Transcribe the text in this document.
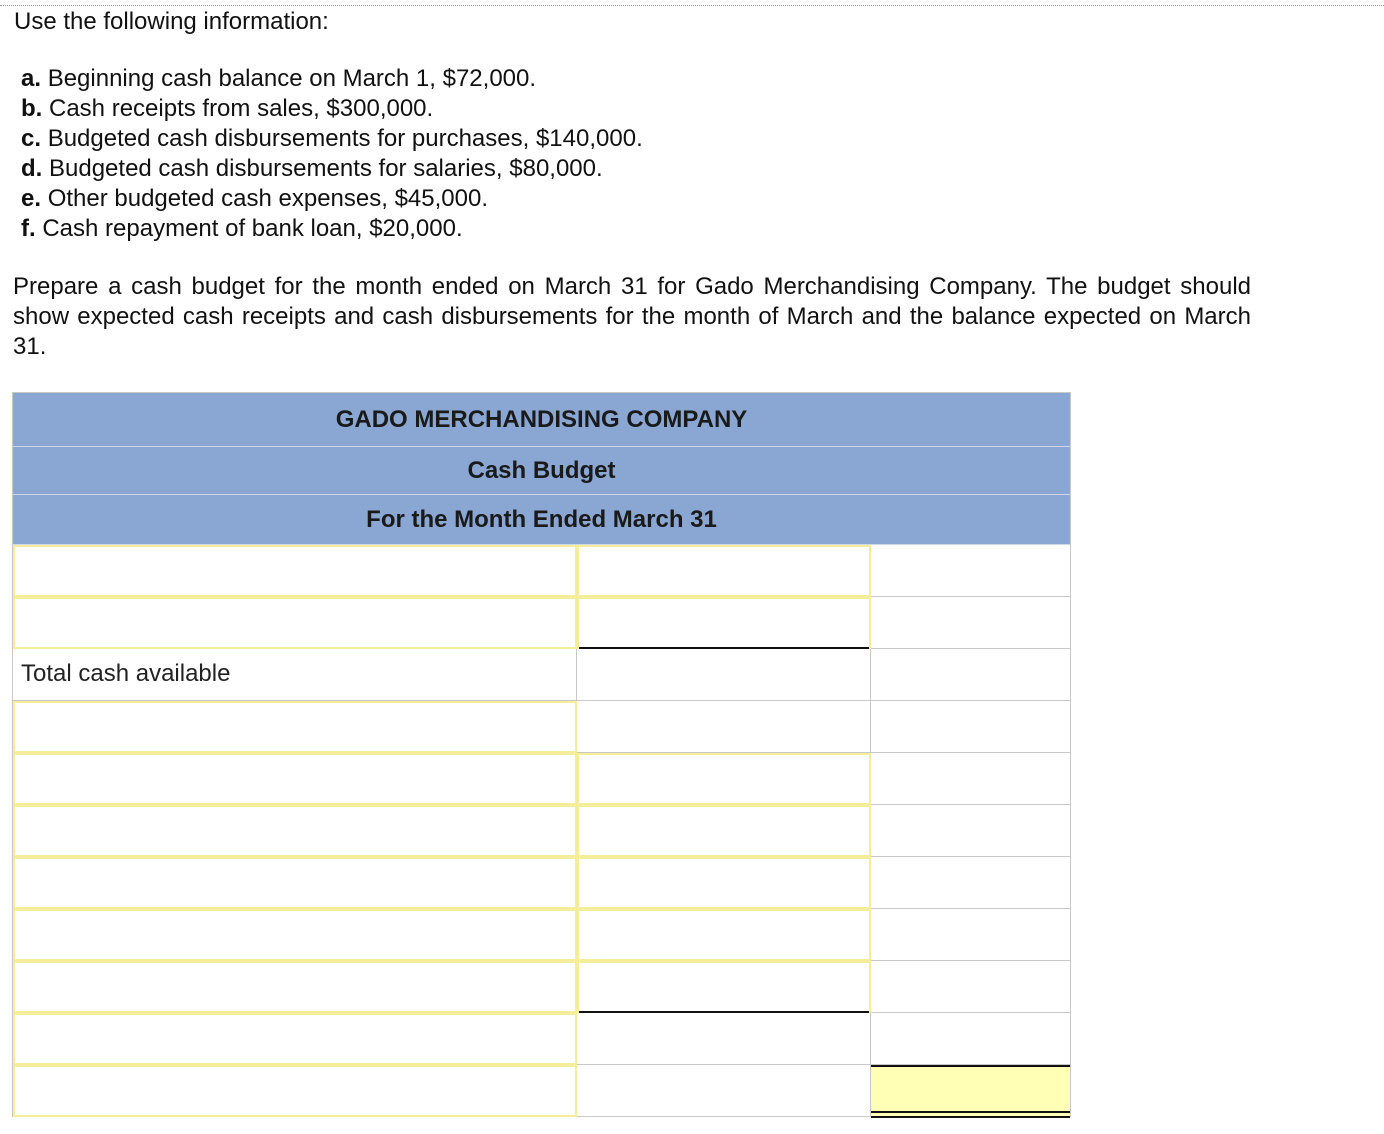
Use the following information:
a. Beginning cash balance on March 1, $72,000.
b. Cash receipts from sales, $300,000.
c. Budgeted cash disbursements for purchases, $140,000.
d. Budgeted cash disbursements for salaries, $80,000.
e. Other budgeted cash expenses, $45,000.
f. Cash repayment of bank loan, $20,000.

Prepare a cash budget for the month ended on March 31 for Gado Merchandising Company. The budget should show expected cash receipts and cash disbursements for the month of March and the balance expected on March 31.

GADO MERCHANDISING COMPANY
Cash Budget
For the Month Ended March 31
Total cash available
